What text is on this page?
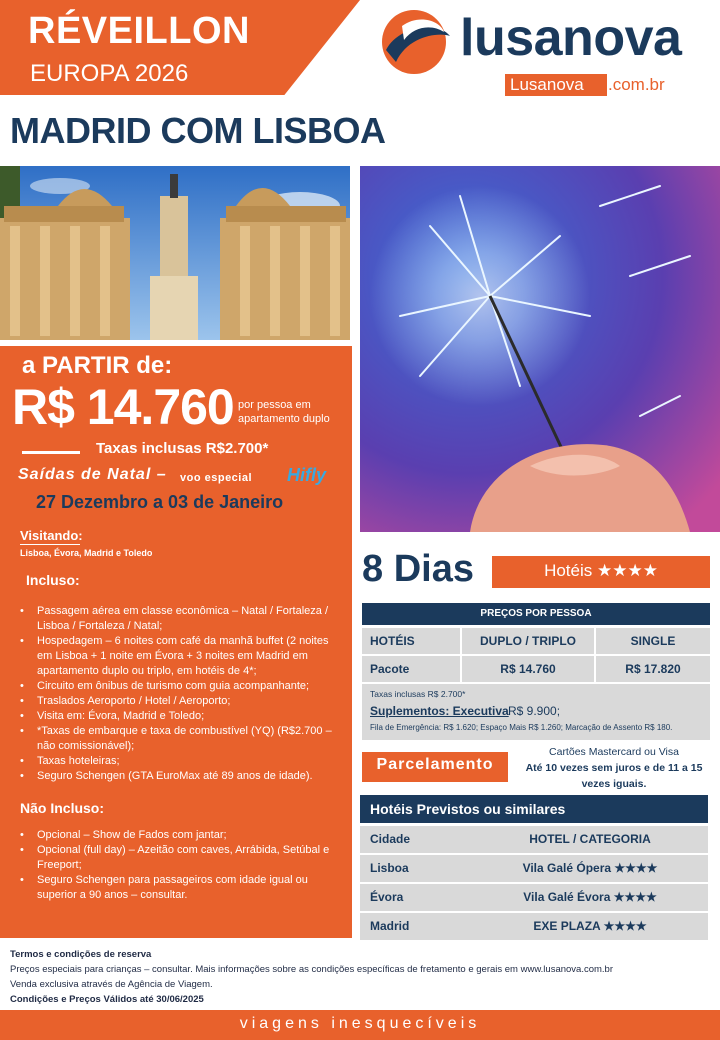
RÉVEILLON
EUROPA 2026
lusanova
Lusanova .com.br
MADRID COM LISBOA
a PARTIR de:
R$ 14.760 por pessoa em apartamento duplo
Taxas inclusas R$2.700*
Saídas de Natal – voo especial Hifly
27 Dezembro a 03 de Janeiro
Visitando:
Lisboa, Évora, Madrid e Toledo
Incluso:
• Passagem aérea em classe econômica – Natal / Fortaleza / Lisboa / Fortaleza / Natal;
• Hospedagem – 6 noites com café da manhã buffet (2 noites em Lisboa + 1 noite em Évora + 3 noites em Madrid em apartamento duplo ou triplo, em hotéis de 4*;
• Circuito em ônibus de turismo com guia acompanhante;
• Traslados Aeroporto / Hotel / Aeroporto;
• Visita em: Évora, Madrid e Toledo;
• *Taxas de embarque e taxa de combustível (YQ) (R$2.700 – não comissionável);
• Taxas hoteleiras;
• Seguro Schengen (GTA EuroMax até 89 anos de idade).
Não Incluso:
• Opcional – Show de Fados com jantar;
• Opcional (full day) – Azeitão com caves, Arrábida, Setúbal e Freeport;
• Seguro Schengen para passageiros com idade igual ou superior a 90 anos – consultar.
8 Dias	Hotéis ★★★★
PREÇOS POR PESSOA
HOTÉIS	DUPLO / TRIPLO	SINGLE
Pacote	R$ 14.760	R$ 17.820
Taxas inclusas R$ 2.700*
Suplementos: Executiva R$ 9.900;
Fila de Emergência: R$ 1.620; Espaço Mais R$ 1.260; Marcação de Assento R$ 180.
Parcelamento
Cartões Mastercard ou Visa
Até 10 vezes sem juros e de 11 a 15 vezes iguais.
Hotéis Previstos ou similares
Cidade	HOTEL / CATEGORIA
Lisboa	Vila Galé Ópera ★★★★
Évora	Vila Galé Évora ★★★★
Madrid	EXE PLAZA ★★★★
Termos e condições de reserva
Preços especiais para crianças – consultar. Mais informações sobre as condições específicas de fretamento e gerais em www.lusanova.com.br
Venda exclusiva através de Agência de Viagem.
Condições e Preços Válidos até 30/06/2025
viagens inesquecíveis
